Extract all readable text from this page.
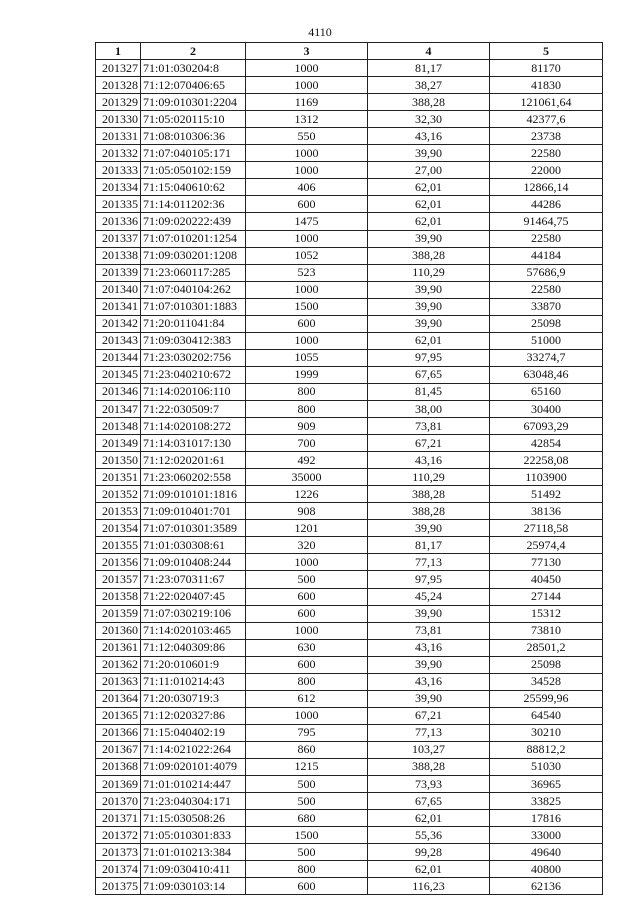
4110
1	2	3	4	5
201327	71:01:030204:8	1000	81,17	81170
201328	71:12:070406:65	1000	38,27	41830
201329	71:09:010301:2204	1169	388,28	121061,64
201330	71:05:020115:10	1312	32,30	42377,6
201331	71:08:010306:36	550	43,16	23738
201332	71:07:040105:171	1000	39,90	22580
201333	71:05:050102:159	1000	27,00	22000
201334	71:15:040610:62	406	62,01	12866,14
201335	71:14:011202:36	600	62,01	44286
201336	71:09:020222:439	1475	62,01	91464,75
201337	71:07:010201:1254	1000	39,90	22580
201338	71:09:030201:1208	1052	388,28	44184
201339	71:23:060117:285	523	110,29	57686,9
201340	71:07:040104:262	1000	39,90	22580
201341	71:07:010301:1883	1500	39,90	33870
201342	71:20:011041:84	600	39,90	25098
201343	71:09:030412:383	1000	62,01	51000
201344	71:23:030202:756	1055	97,95	33274,7
201345	71:23:040210:672	1999	67,65	63048,46
201346	71:14:020106:110	800	81,45	65160
201347	71:22:030509:7	800	38,00	30400
201348	71:14:020108:272	909	73,81	67093,29
201349	71:14:031017:130	700	67,21	42854
201350	71:12:020201:61	492	43,16	22258,08
201351	71:23:060202:558	35000	110,29	1103900
201352	71:09:010101:1816	1226	388,28	51492
201353	71:09:010401:701	908	388,28	38136
201354	71:07:010301:3589	1201	39,90	27118,58
201355	71:01:030308:61	320	81,17	25974,4
201356	71:09:010408:244	1000	77,13	77130
201357	71:23:070311:67	500	97,95	40450
201358	71:22:020407:45	600	45,24	27144
201359	71:07:030219:106	600	39,90	15312
201360	71:14:020103:465	1000	73,81	73810
201361	71:12:040309:86	630	43,16	28501,2
201362	71:20:010601:9	600	39,90	25098
201363	71:11:010214:43	800	43,16	34528
201364	71:20:030719:3	612	39,90	25599,96
201365	71:12:020327:86	1000	67,21	64540
201366	71:15:040402:19	795	77,13	30210
201367	71:14:021022:264	860	103,27	88812,2
201368	71:09:020101:4079	1215	388,28	51030
201369	71:01:010214:447	500	73,93	36965
201370	71:23:040304:171	500	67,65	33825
201371	71:15:030508:26	680	62,01	17816
201372	71:05:010301:833	1500	55,36	33000
201373	71:01:010213:384	500	99,28	49640
201374	71:09:030410:411	800	62,01	40800
201375	71:09:030103:14	600	116,23	62136
